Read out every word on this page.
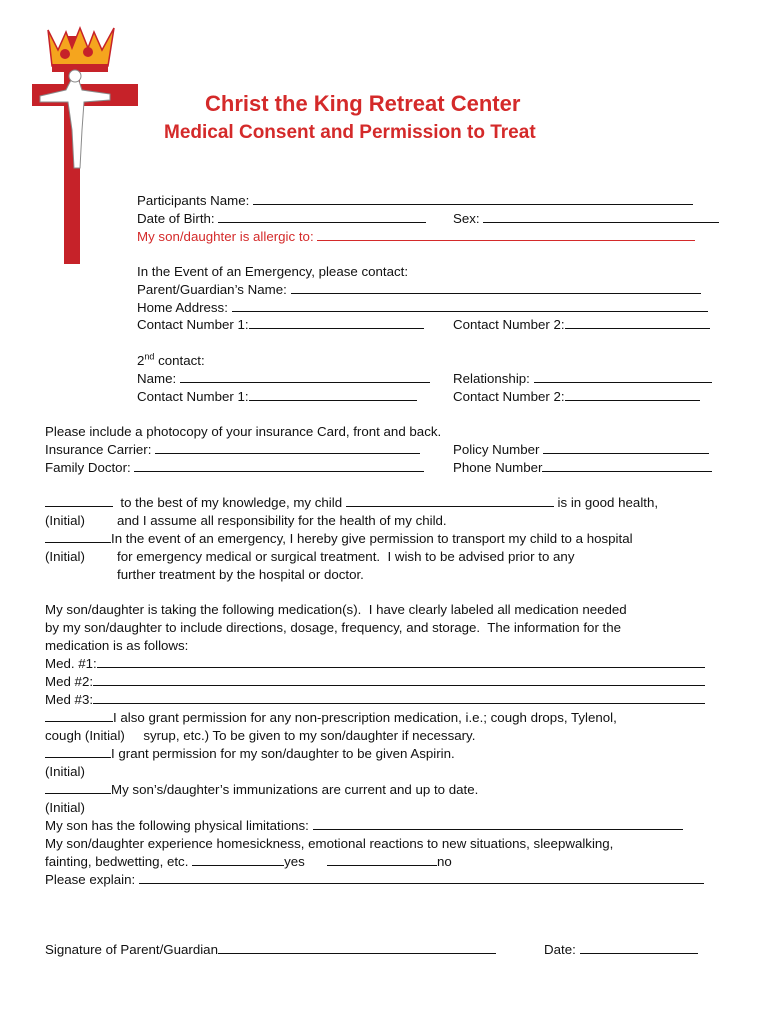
Christ the King Retreat Center
Medical Consent and Permission to Treat
Participants Name:
Date of Birth:	Sex:
My son/daughter is allergic to:
In the Event of an Emergency, please contact:
Parent/Guardian’s Name:
Home Address:
Contact Number 1:	Contact Number 2:
2nd contact:
Name:	Relationship:
Contact Number 1:	Contact Number 2:
Please include a photocopy of your insurance Card, front and back.
Insurance Carrier:	Policy Number
Family Doctor:	Phone Number
to the best of my knowledge, my child	is in good health,
(Initial) and I assume all responsibility for the health of my child.
In the event of an emergency, I hereby give permission to transport my child to a hospital
(Initial) for emergency medical or surgical treatment.  I wish to be advised prior to any
further treatment by the hospital or doctor.
My son/daughter is taking the following medication(s).  I have clearly labeled all medication needed
by my son/daughter to include directions, dosage, frequency, and storage.  The information for the
medication is as follows:
Med. #1:
Med #2:
Med #3:
I also grant permission for any non-prescription medication, i.e.; cough drops, Tylenol,
cough (Initial) syrup, etc.) To be given to my son/daughter if necessary.
I grant permission for my son/daughter to be given Aspirin.
(Initial)
My son’s/daughter’s immunizations are current and up to date.
(Initial)
My son has the following physical limitations:
My son/daughter experience homesickness, emotional reactions to new situations, sleepwalking,
fainting, bedwetting, etc.	yes	no
Please explain:
Signature of Parent/Guardian	Date:
